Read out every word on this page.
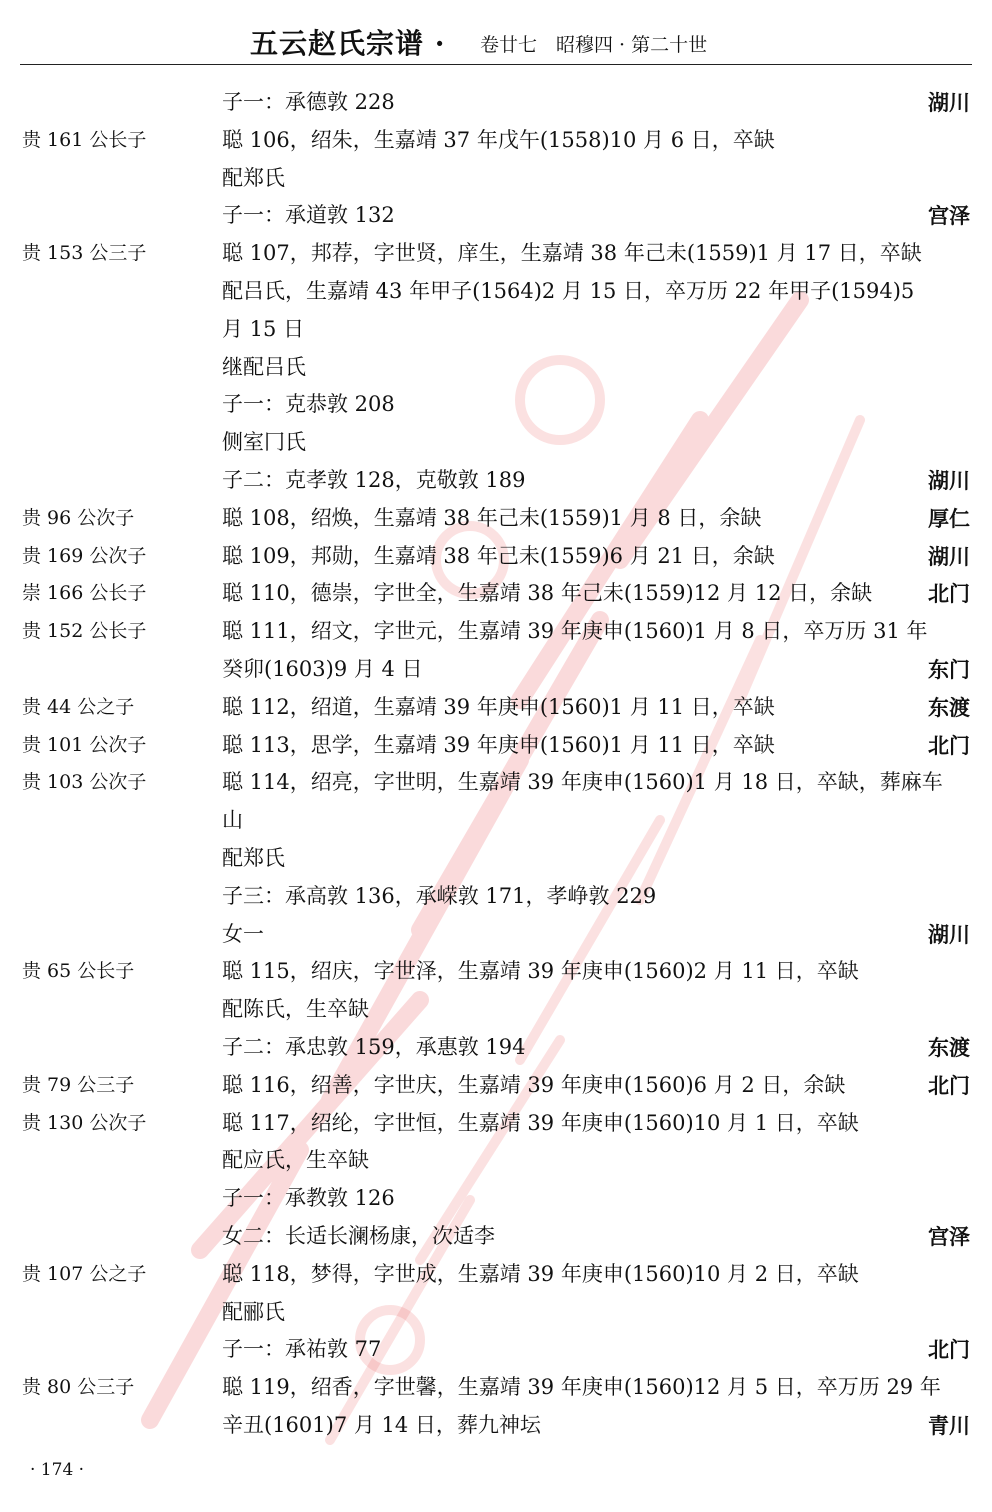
五云赵氏宗谱 · 卷廿七　昭穆四 · 第二十世
子一：承德敦 228	湖川
贵 161 公长子	聪 106，绍朱，生嘉靖 37 年戊午(1558)10 月 6 日，卒缺
配郑氏
子一：承道敦 132	宫泽
贵 153 公三子	聪 107，邦荐，字世贤，庠生，生嘉靖 38 年己未(1559)1 月 17 日，卒缺
配吕氏，生嘉靖 43 年甲子(1564)2 月 15 日，卒万历 22 年甲子(1594)5
月 15 日
继配吕氏
子一：克恭敦 208
侧室冂氏
子二：克孝敦 128，克敬敦 189	湖川
贵 96 公次子	聪 108，绍焕，生嘉靖 38 年己未(1559)1 月 8 日，余缺	厚仁
贵 169 公次子	聪 109，邦勋，生嘉靖 38 年己未(1559)6 月 21 日，余缺	湖川
崇 166 公长子	聪 110，德崇，字世全，生嘉靖 38 年己未(1559)12 月 12 日，余缺	北门
贵 152 公长子	聪 111，绍文，字世元，生嘉靖 39 年庚申(1560)1 月 8 日，卒万历 31 年
癸卯(1603)9 月 4 日	东门
贵 44 公之子	聪 112，绍道，生嘉靖 39 年庚申(1560)1 月 11 日，卒缺	东渡
贵 101 公次子	聪 113，思学，生嘉靖 39 年庚申(1560)1 月 11 日，卒缺	北门
贵 103 公次子	聪 114，绍亮，字世明，生嘉靖 39 年庚申(1560)1 月 18 日，卒缺，葬麻车
山
配郑氏
子三：承高敦 136，承嵘敦 171，孝峥敦 229
女一	湖川
贵 65 公长子	聪 115，绍庆，字世泽，生嘉靖 39 年庚申(1560)2 月 11 日，卒缺
配陈氏，生卒缺
子二：承忠敦 159，承惠敦 194	东渡
贵 79 公三子	聪 116，绍善，字世庆，生嘉靖 39 年庚申(1560)6 月 2 日，余缺	北门
贵 130 公次子	聪 117，绍纶，字世恒，生嘉靖 39 年庚申(1560)10 月 1 日，卒缺
配应氏，生卒缺
子一：承教敦 126
女二：长适长澜杨康，次适李	宫泽
贵 107 公之子	聪 118，梦得，字世成，生嘉靖 39 年庚申(1560)10 月 2 日，卒缺
配郦氏
子一：承祐敦 77	北门
贵 80 公三子	聪 119，绍香，字世馨，生嘉靖 39 年庚申(1560)12 月 5 日，卒万历 29 年
辛丑(1601)7 月 14 日，葬九神坛	青川
· 174 ·
